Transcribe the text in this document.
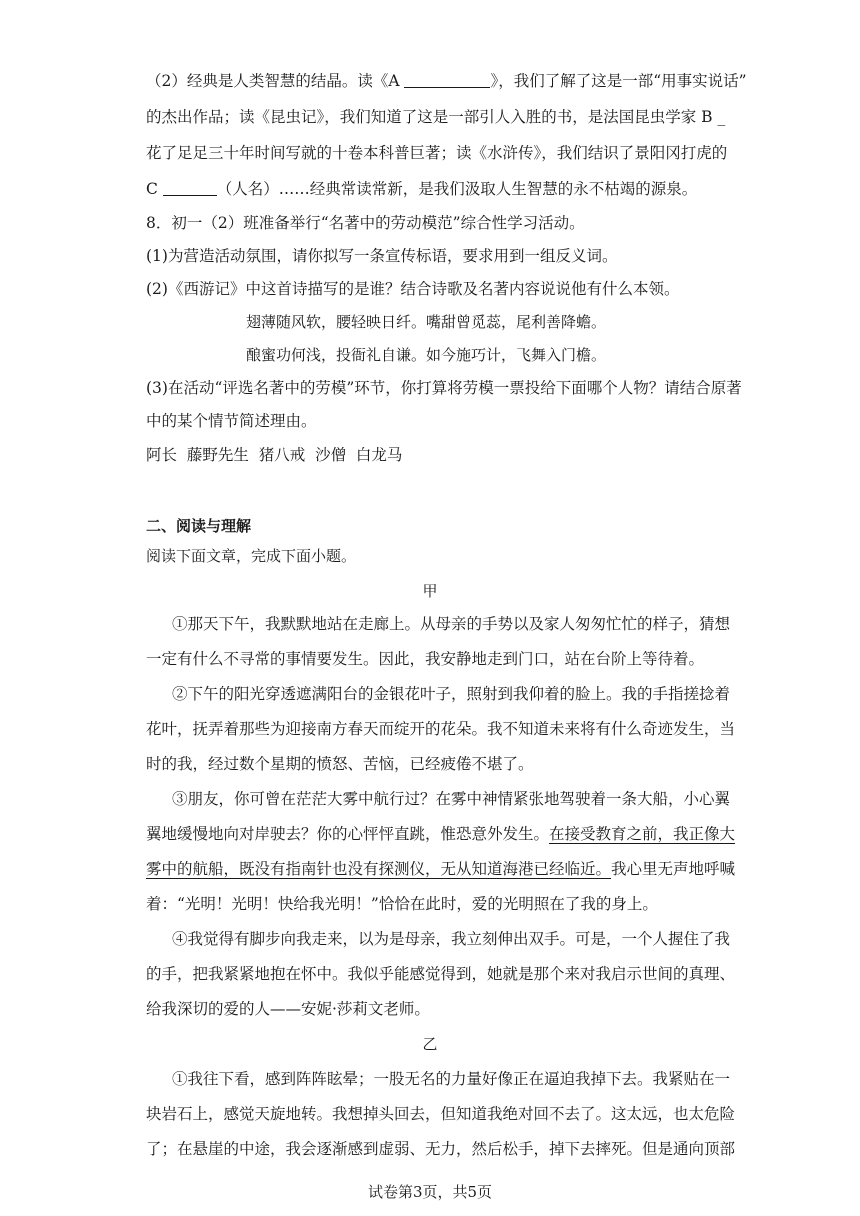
（2）经典是人类智慧的结晶。读《A	》，我们了解了这是一部“用事实说话”
的杰出作品；读《昆虫记》，我们知道了这是一部引人入胜的书，是法国昆虫学家 B _
花了足足三十年时间写就的十卷本科普巨著；读《水浒传》，我们结识了景阳冈打虎的
C	（人名）……经典常读常新，是我们汲取人生智慧的永不枯竭的源泉。
8．初一（2）班准备举行“名著中的劳动模范”综合性学习活动。
(1)为营造活动氛围，请你拟写一条宣传标语，要求用到一组反义词。
(2)《西游记》中这首诗描写的是谁？结合诗歌及名著内容说说他有什么本领。
翅薄随风软，腰轻映日纤。嘴甜曾觅蕊，尾利善降蟾。
酿蜜功何浅，投衙礼自谦。如今施巧计，飞舞入门檐。
(3)在活动“评选名著中的劳模”环节，你打算将劳模一票投给下面哪个人物？请结合原著
中的某个情节简述理由。
阿长  藤野先生  猪八戒  沙僧  白龙马
二、阅读与理解
阅读下面文章，完成下面小题。
甲
①那天下午，我默默地站在走廊上。从母亲的手势以及家人匆匆忙忙的样子，猜想
一定有什么不寻常的事情要发生。因此，我安静地走到门口，站在台阶上等待着。
②下午的阳光穿透遮满阳台的金银花叶子，照射到我仰着的脸上。我的手指搓捻着
花叶，抚弄着那些为迎接南方春天而绽开的花朵。我不知道未来将有什么奇迹发生，当
时的我，经过数个星期的愤怒、苦恼，已经疲倦不堪了。
③朋友，你可曾在茫茫大雾中航行过？在雾中神情紧张地驾驶着一条大船，小心翼
翼地缓慢地向对岸驶去？你的心怦怦直跳，惟恐意外发生。在接受教育之前，我正像大
雾中的航船，既没有指南针也没有探测仪，无从知道海港已经临近。我心里无声地呼喊
着：“光明！光明！快给我光明！”恰恰在此时，爱的光明照在了我的身上。
④我觉得有脚步向我走来，以为是母亲，我立刻伸出双手。可是，一个人握住了我
的手，把我紧紧地抱在怀中。我似乎能感觉得到，她就是那个来对我启示世间的真理、
给我深切的爱的人——安妮·莎莉文老师。
乙
①我往下看，感到阵阵眩晕；一股无名的力量好像正在逼迫我掉下去。我紧贴在一
块岩石上，感觉天旋地转。我想掉头回去，但知道我绝对回不去了。这太远，也太危险
了；在悬崖的中途，我会逐渐感到虚弱、无力，然后松手，掉下去摔死。但是通向顶部
试卷第3页，共5页
